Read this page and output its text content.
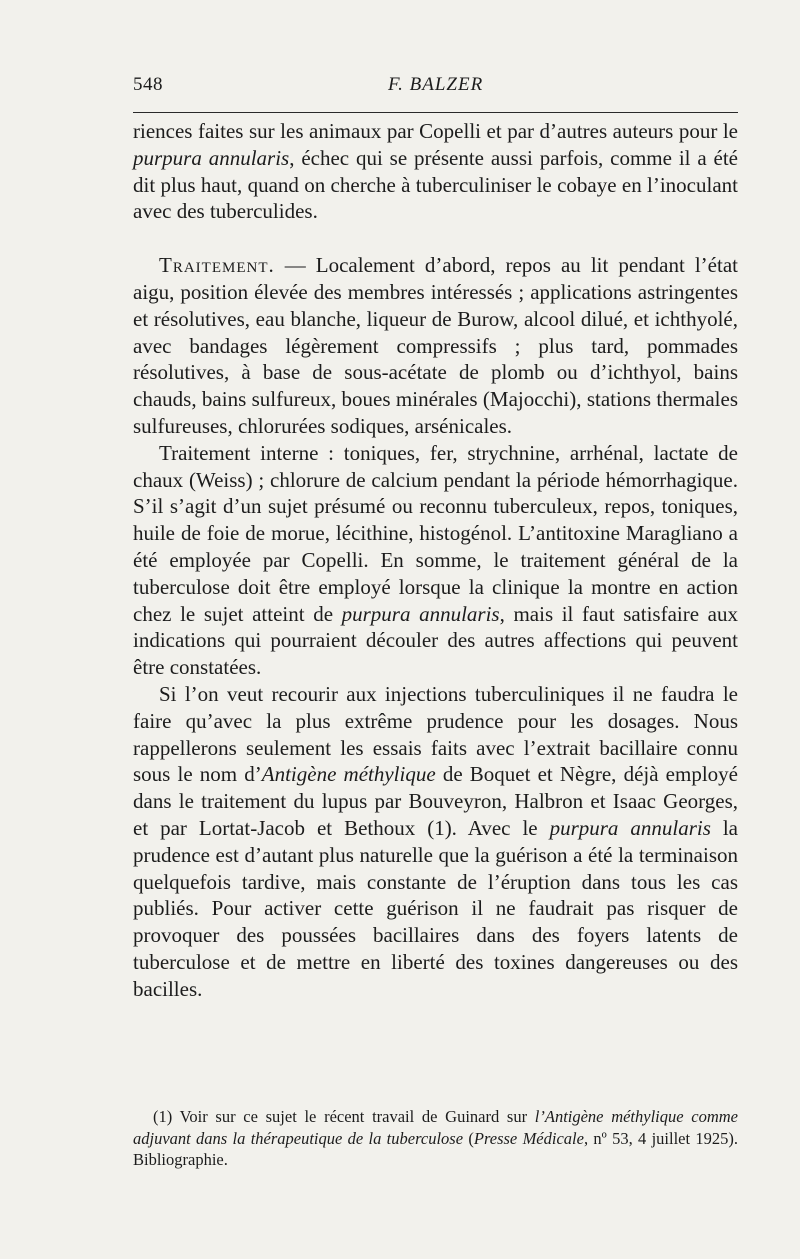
548	F. BALZER

riences faites sur les animaux par Copelli et par d’autres auteurs pour le purpura annularis, échec qui se présente aussi parfois, comme il a été dit plus haut, quand on cherche à tuberculiniser le cobaye en l’inoculant avec des tuberculides.

Traitement. — Localement d’abord, repos au lit pendant l’état aigu, position élevée des membres intéressés ; applications astringentes et résolutives, eau blanche, liqueur de Burow, alcool dilué, et ichthyolé, avec bandages légèrement compressifs ; plus tard, pommades résolutives, à base de sous-acétate de plomb ou d’ichthyol, bains chauds, bains sulfureux, boues minérales (Majocchi), stations thermales sulfureuses, chlorurées sodiques, arsénicales.

Traitement interne : toniques, fer, strychnine, arrhénal, lactate de chaux (Weiss) ; chlorure de calcium pendant la période hémorrhagique. S’il s’agit d’un sujet présumé ou reconnu tuberculeux, repos, toniques, huile de foie de morue, lécithine, histogénol. L’antitoxine Maragliano a été employée par Copelli. En somme, le traitement général de la tuberculose doit être employé lorsque la clinique la montre en action chez le sujet atteint de purpura annularis, mais il faut satisfaire aux indications qui pourraient découler des autres affections qui peuvent être constatées.

Si l’on veut recourir aux injections tuberculiniques il ne faudra le faire qu’avec la plus extrême prudence pour les dosages. Nous rappellerons seulement les essais faits avec l’extrait bacillaire connu sous le nom d’Antigène méthylique de Boquet et Nègre, déjà employé dans le traitement du lupus par Bouveyron, Halbron et Isaac Georges, et par Lortat-Jacob et Bethoux (1). Avec le purpura annularis la prudence est d’autant plus naturelle que la guérison a été la terminaison quelquefois tardive, mais constante de l’éruption dans tous les cas publiés. Pour activer cette guérison il ne faudrait pas risquer de provoquer des poussées bacillaires dans des foyers latents de tuberculose et de mettre en liberté des toxines dangereuses ou des bacilles.

(1) Voir sur ce sujet le récent travail de Guinard sur l’Antigène méthylique comme adjuvant dans la thérapeutique de la tuberculose (Presse Médicale, nº 53, 4 juillet 1925). Bibliographie.
